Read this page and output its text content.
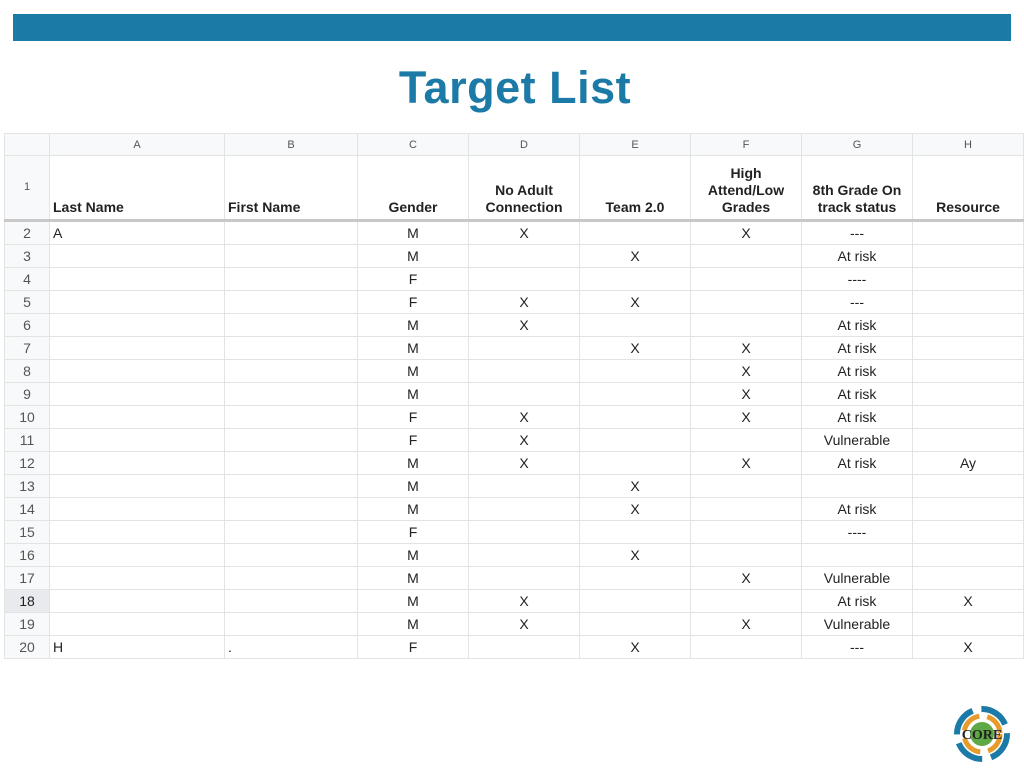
Target List
	A	B	C	D	E	F	G	H
1	Last Name	First Name	Gender	No Adult Connection	Team 2.0	High Attend/Low Grades	8th Grade On track status	Resource
2	A		M	X		X	---	
3			M		X		At risk	
4			F				----	
5			F	X	X		---	
6			M	X			At risk	
7			M		X	X	At risk	
8			M			X	At risk	
9			M			X	At risk	
10			F	X		X	At risk	
11			F	X			Vulnerable	
12			M	X		X	At risk	Ay
13			M		X			
14			M		X		At risk	
15			F				----	
16			M		X			
17			M			X	Vulnerable	
18			M	X			At risk	X
19			M	X		X	Vulnerable	
20	H	.	F		X		---	X
CORE
